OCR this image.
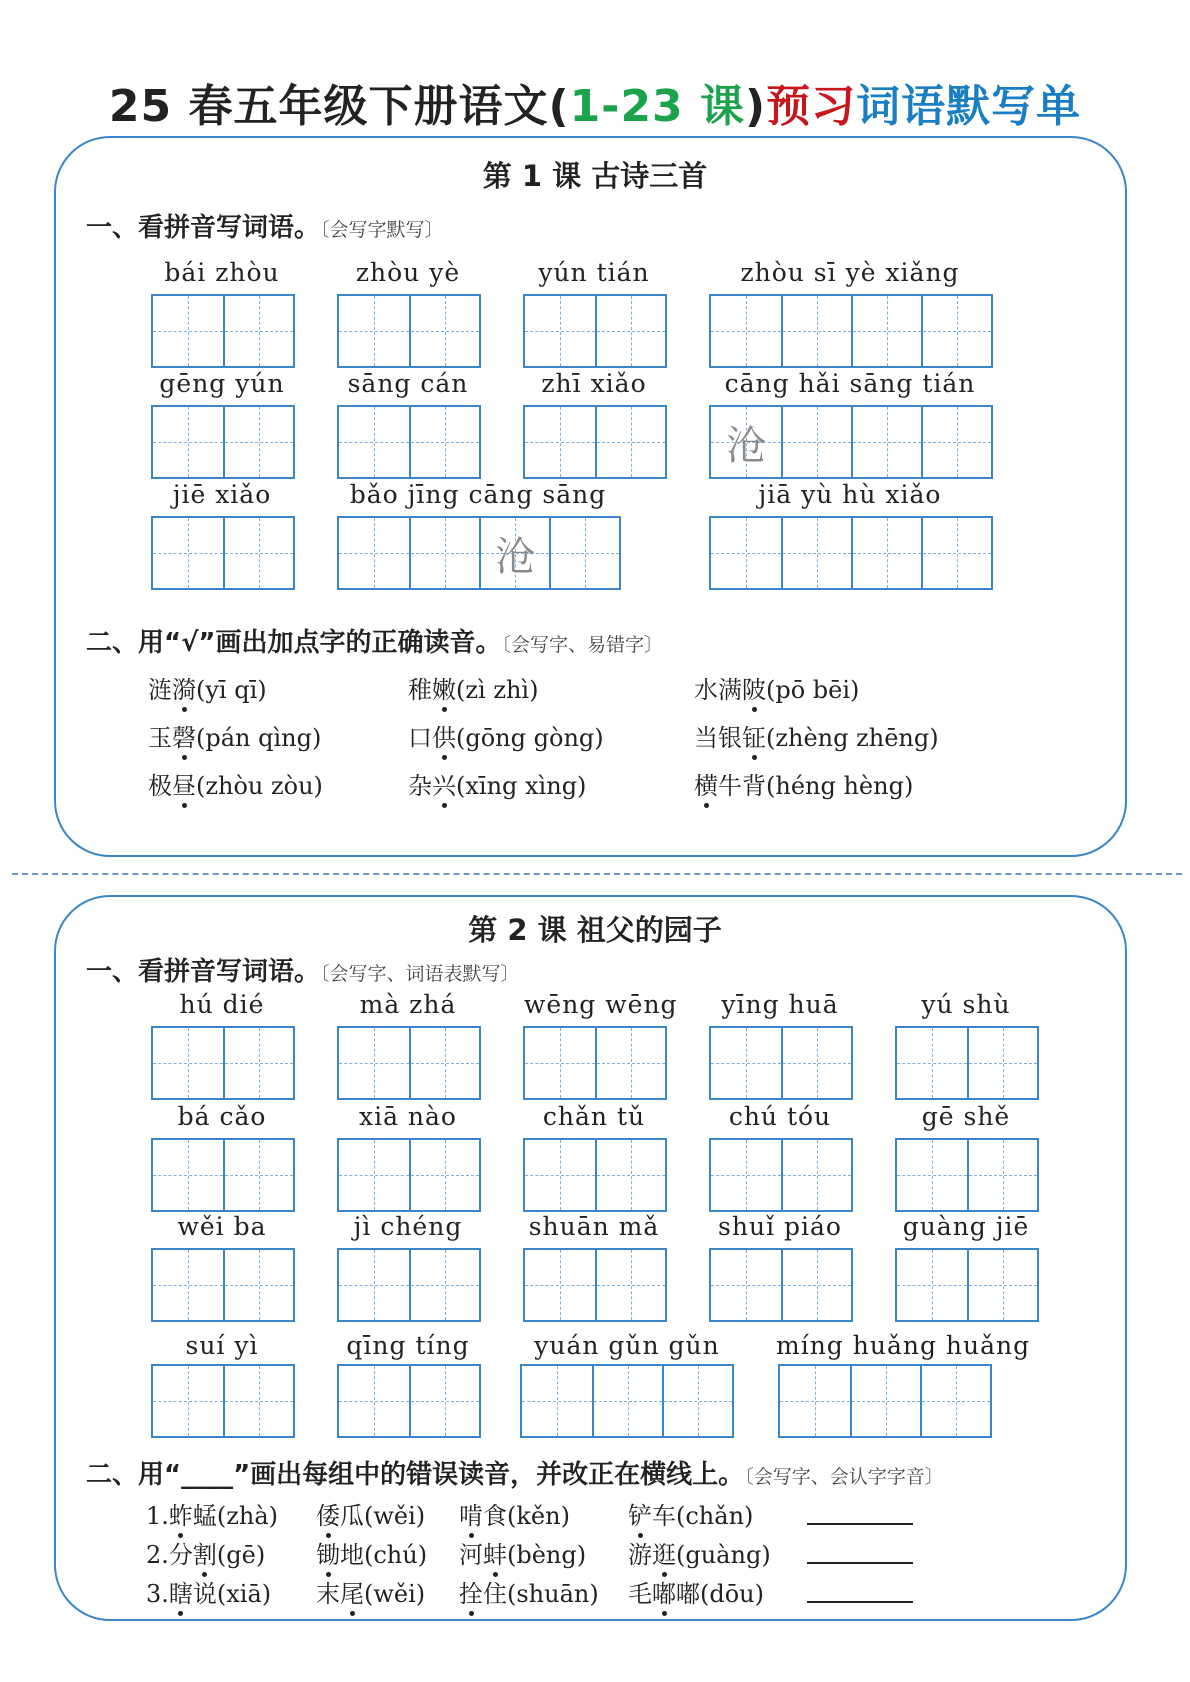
25 春五年级下册语文(1-23 课)预习词语默写单
第 1 课 古诗三首
一、看拼音写词语。〔会写字默写〕
bái zhòu	zhòu yè	yún tián	zhòu sī yè xiǎng
gēng yún	sāng cán	zhī xiǎo	cāng hǎi sāng tián
jiē xiǎo	bǎo jīng cāng sāng	jiā yù hù xiǎo
沧
沧
二、用“√”画出加点字的正确读音。〔会写字、易错字〕
涟漪(yī qī)	稚嫩(zì zhì)	水满陂(pō bēi)
玉磬(pán qìng)	口供(gōng gòng)	当银钲(zhèng zhēng)
极昼(zhòu zòu)	杂兴(xīng xìng)	横牛背(héng hèng)
第 2 课 祖父的园子
一、看拼音写词语。〔会写字、词语表默写〕
hú dié	mà zhá	wēng wēng	yīng huā	yú shù
bá cǎo	xiā nào	chǎn tǔ	chú tóu	gē shě
wěi ba	jì chéng	shuān mǎ	shuǐ piáo	guàng jiē
suí yì	qīng tíng	yuán gǔn gǔn	míng huǎng huǎng
二、用“____”画出每组中的错误读音，并改正在横线上。〔会写字、会认字字音〕
1.蚱蜢(zhà) 倭瓜(wěi) 啃食(kěn) 铲车(chǎn)
2.分割(gē) 锄地(chú) 河蚌(bèng) 游逛(guàng)
3.瞎说(xiā) 末尾(wěi) 拴住(shuān) 毛嘟嘟(dōu)
